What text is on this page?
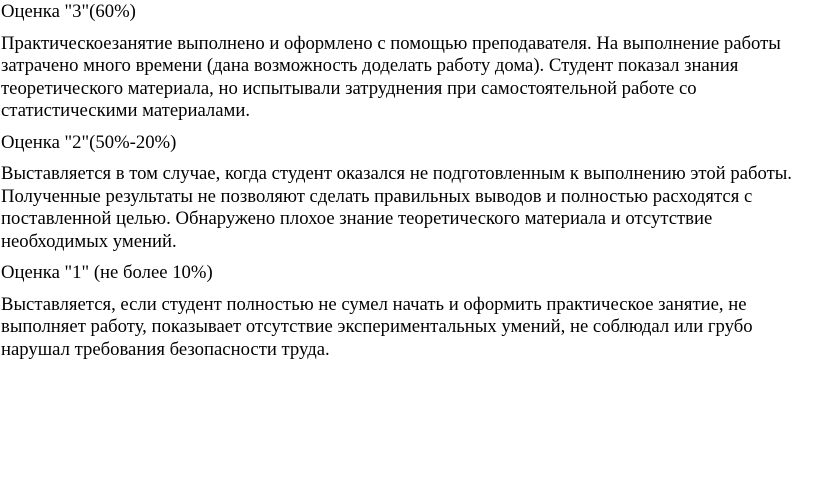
Оценка "3"(60%)
Практическоезанятие выполнено и оформлено с помощью преподавателя. На выполнение работы затрачено много времени (дана возможность доделать работу дома). Студент показал знания теоретического материала, но испытывали затруднения при самостоятельной работе со статистическими материалами.
Оценка "2"(50%-20%)
Выставляется в том случае, когда студент оказался не подготовленным к выполнению этой работы. Полученные результаты не позволяют сделать правильных выводов и полностью расходятся с поставленной целью. Обнаружено плохое знание теоретического материала и отсутствие необходимых умений.
Оценка "1" (не более 10%)
Выставляется, если студент полностью не сумел начать и оформить практическое занятие, не выполняет работу, показывает отсутствие экспериментальных умений, не соблюдал или грубо нарушал требования безопасности труда.
